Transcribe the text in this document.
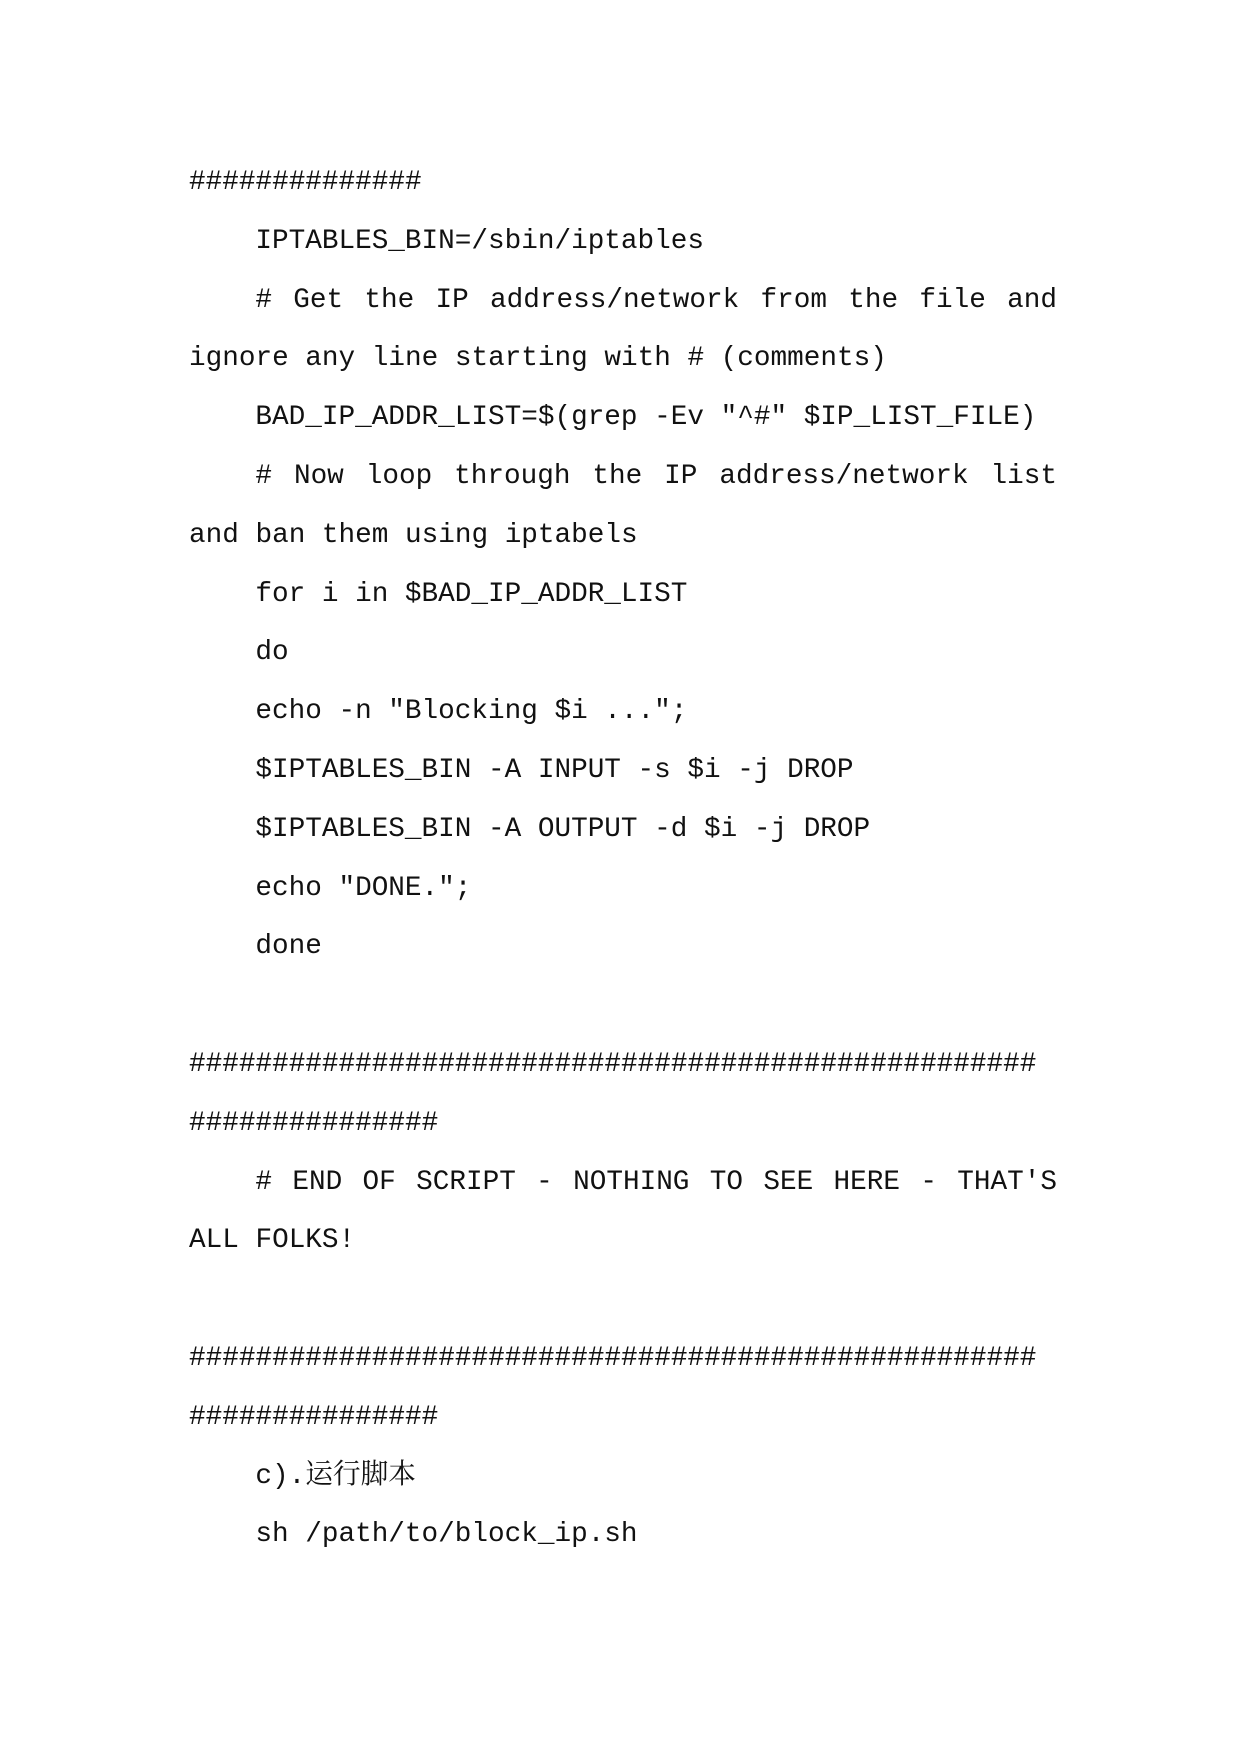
##############
IPTABLES_BIN=/sbin/iptables
# Get the IP address/network from the file and
ignore any line starting with # (comments)
BAD_IP_ADDR_LIST=$(grep -Ev "^#" $IP_LIST_FILE)
# Now loop through the IP address/network list
and ban them using iptabels
for i in $BAD_IP_ADDR_LIST
do
echo -n "Blocking $i ...";
$IPTABLES_BIN -A INPUT -s $i -j DROP
$IPTABLES_BIN -A OUTPUT -d $i -j DROP
echo "DONE.";
done
###################################################
###############
# END OF SCRIPT - NOTHING TO SEE HERE - THAT'S
ALL FOLKS!
###################################################
###############
c).运行脚本
sh /path/to/block_ip.sh
